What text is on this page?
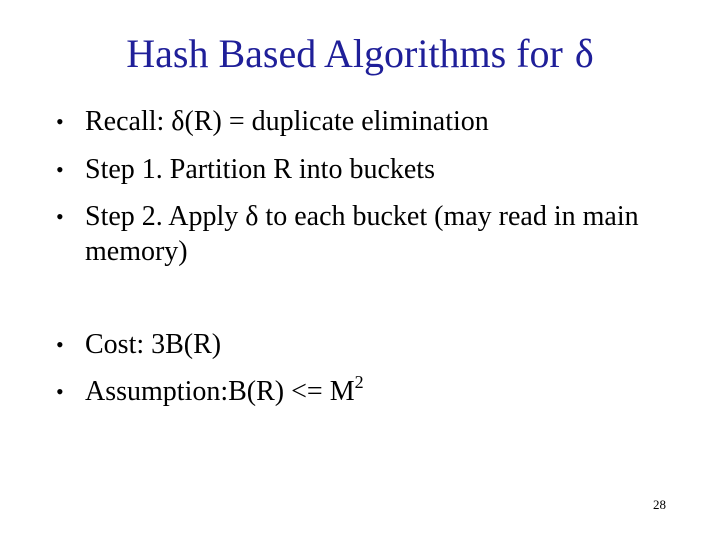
Hash Based Algorithms for δ
• Recall: δ(R) = duplicate elimination
• Step 1. Partition R into buckets
• Step 2. Apply δ to each bucket (may read in main memory)
• Cost: 3B(R)
• Assumption:B(R) <= $M^2$
28
